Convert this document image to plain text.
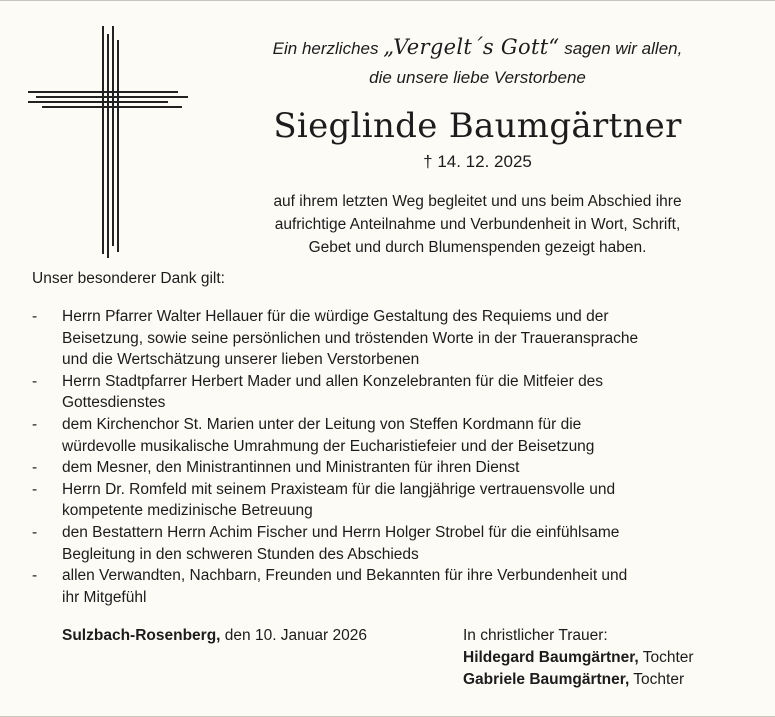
Ein herzliches „Vergelt´s Gott“ sagen wir allen,
die unsere liebe Verstorbene
Sieglinde Baumgärtner
† 14. 12. 2025
auf ihrem letzten Weg begleitet und uns beim Abschied ihre
aufrichtige Anteilnahme und Verbundenheit in Wort, Schrift,
Gebet und durch Blumenspenden gezeigt haben.
Unser besonderer Dank gilt:
-	Herrn Pfarrer Walter Hellauer für die würdige Gestaltung des Requiems und der
Beisetzung, sowie seine persönlichen und tröstenden Worte in der Traueransprache
und die Wertschätzung unserer lieben Verstorbenen
-	Herrn Stadtpfarrer Herbert Mader und allen Konzelebranten für die Mitfeier des
Gottesdienstes
-	dem Kirchenchor St. Marien unter der Leitung von Steffen Kordmann für die
würdevolle musikalische Umrahmung der Eucharistiefeier und der Beisetzung
-	dem Mesner, den Ministrantinnen und Ministranten für ihren Dienst
-	Herrn Dr. Romfeld mit seinem Praxisteam für die langjährige vertrauensvolle und
kompetente medizinische Betreuung
-	den Bestattern Herrn Achim Fischer und Herrn Holger Strobel für die einfühlsame
Begleitung in den schweren Stunden des Abschieds
-	allen Verwandten, Nachbarn, Freunden und Bekannten für ihre Verbundenheit und
ihr Mitgefühl
Sulzbach-Rosenberg, den 10. Januar 2026	In christlicher Trauer:
Hildegard Baumgärtner, Tochter
Gabriele Baumgärtner, Tochter
